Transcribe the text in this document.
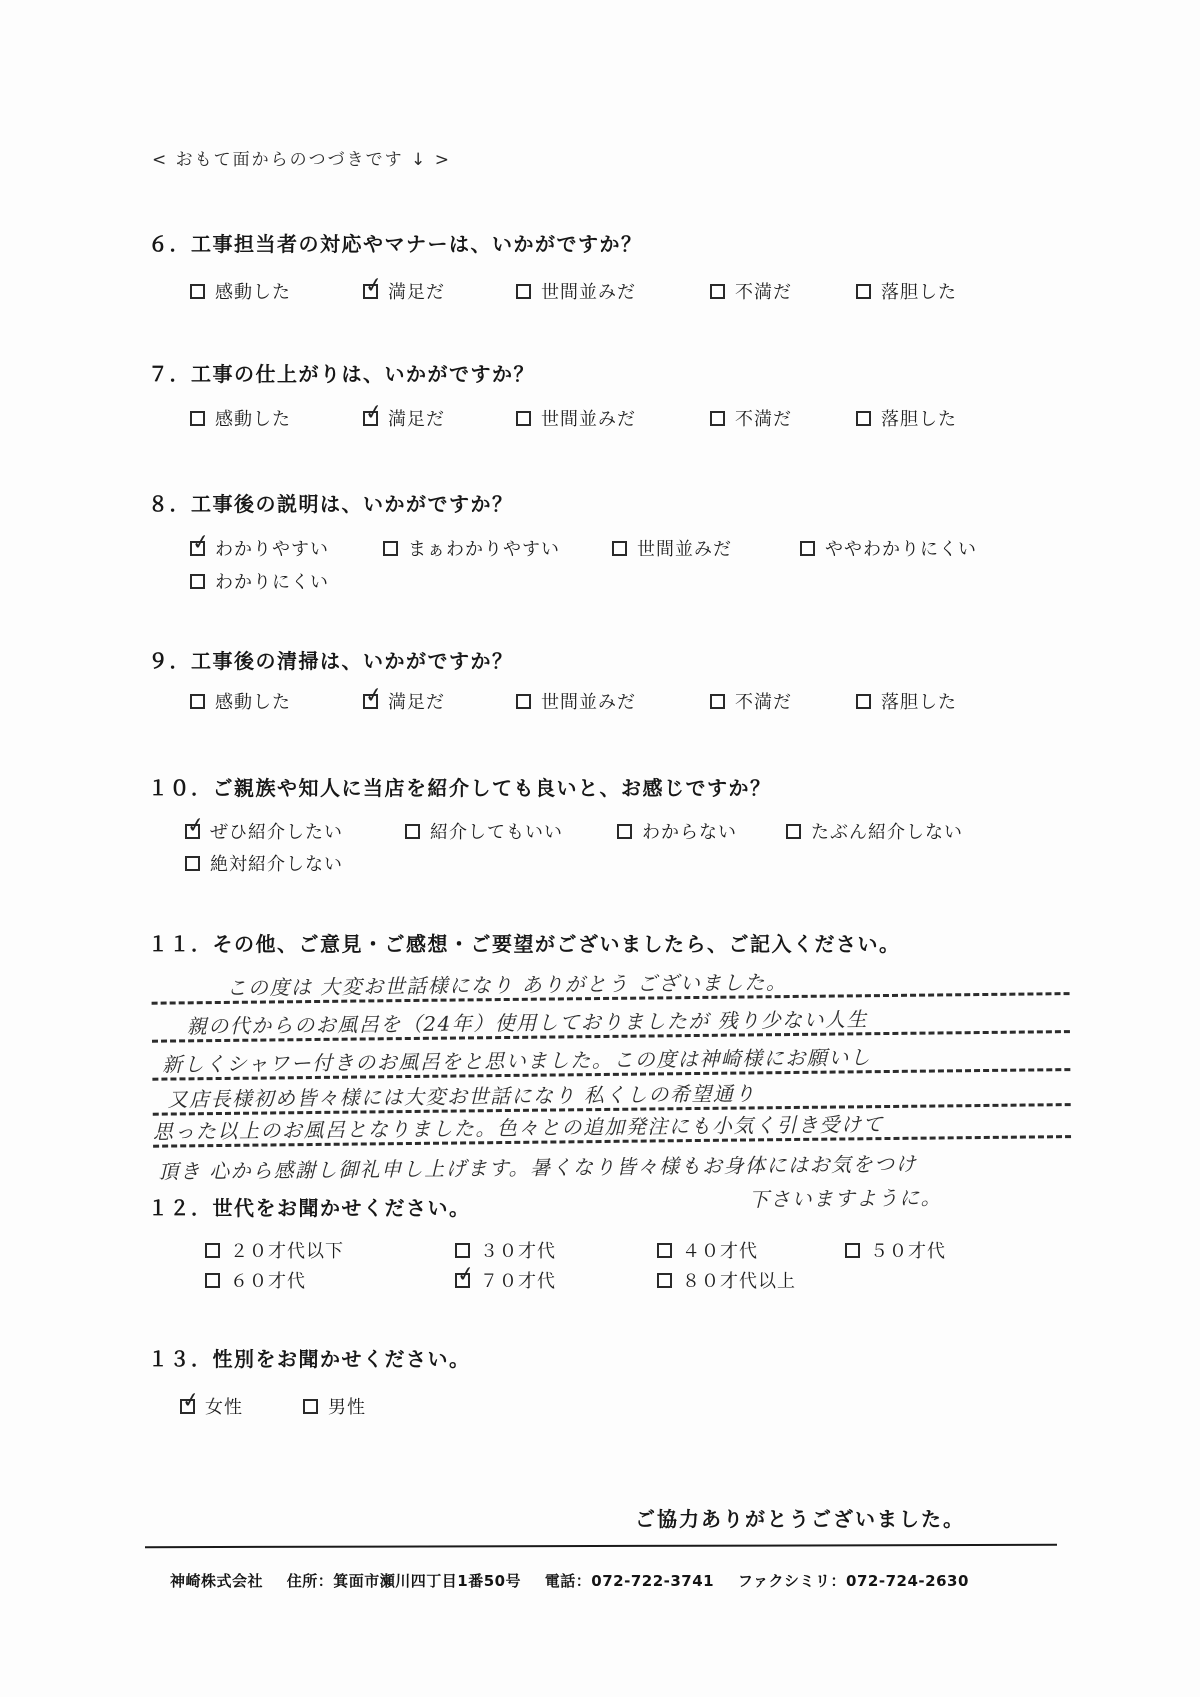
< おもて面からのつづきです ↓ >
６．工事担当者の対応やマナーは、いかがですか？
感動した	✓ 満足だ	世間並みだ	不満だ	落胆した
７．工事の仕上がりは、いかがですか？
感動した	✓ 満足だ	世間並みだ	不満だ	落胆した
８．工事後の説明は、いかがですか？
✓ わかりやすい	まぁわかりやすい	世間並みだ	ややわかりにくい
わかりにくい
９．工事後の清掃は、いかがですか？
感動した	✓ 満足だ	世間並みだ	不満だ	落胆した
１０．ご親族や知人に当店を紹介しても良いと、お感じですか？
✓ ぜひ紹介したい	紹介してもいい	わからない	たぶん紹介しない
絶対紹介しない
１１．その他、ご意見・ご感想・ご要望がございましたら、ご記入ください。
この度は 大変お世話様になり ありがとう ございました。
親の代からのお風呂を（24年）使用しておりましたが 残り少ない人生
新しくシャワー付きのお風呂をと思いました。この度は神崎様にお願いし
又店長様初め皆々様には大変お世話になり 私くしの希望通り
思った以上のお風呂となりました。色々との追加発注にも小気く引き受けて
頂き 心から感謝し御礼申し上げます。暑くなり皆々様もお身体にはお気をつけ
下さいますように。
１２．世代をお聞かせください。
２０才代以下	３０才代	４０才代	５０才代
６０才代	✓ ７０才代	８０才代以上
１３．性別をお聞かせください。
✓ 女性	男性
ご協力ありがとうございました。
神崎株式会社 住所：箕面市瀬川四丁目1番50号 電話：072-722-3741 ファクシミリ：072-724-2630
